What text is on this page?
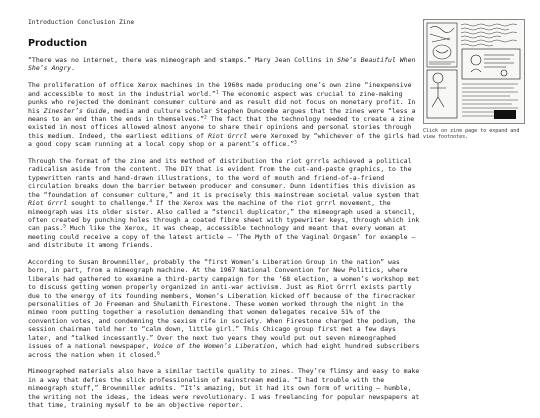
Introduction Conclusion Zine
Production

“There was no internet, there was mimeograph and stamps.” Mary Jean Collins in She’s Beautiful When She’s Angry.

The proliferation of office Xerox machines in the 1960s made producing one’s own zine “inexpensive and accessible to most in the industrial world.”$^1$ The economic aspect was crucial to zine-making punks who rejected the dominant consumer culture and as result did not focus on monetary profit. In his Zinester’s Guide, media and culture scholar Stephen Duncombe argues that the zines were “less a means to an end than the ends in themselves.”$^2$ The fact that the technology needed to create a zine existed in most offices allowed almost anyone to share their opinions and personal stories through this medium. Indeed, the earliest editions of Riot Grrrl were Xeroxed by “whichever of the girls had a good copy scam running at a local copy shop or a parent’s office.”$^3$

Through the format of the zine and its method of distribution the riot grrrls achieved a political radicalism aside from the content. The DIY that is evident from the cut-and-paste graphics, to the typewritten rants and hand-drawn illustrations, to the word of mouth and friend-of-a-friend circulation breaks down the barrier between producer and consumer. Dunn identifies this division as the “foundation of consumer culture,” and it is precisely this mainstream societal value system that Riot Grrrl sought to challenge.$^4$ If the Xerox was the machine of the riot grrrl movement, the mimeograph was its older sister. Also called a “stencil duplicator,” the mimeograph used a stencil, often created by punching holes through a coated fibre sheet with typewriter keys, through which ink can pass.$^5$ Much like the Xerox, it was cheap, accessible technology and meant that every woman at meeting could receive a copy of the latest article – ‘The Myth of the Vaginal Orgasm’ for example – and distribute it among friends.

According to Susan Brownmiller, probably the “first Women’s Liberation Group in the nation” was born, in part, from a mimeograph machine. At the 1967 National Convention for New Politics, where liberals had gathered to examine a third-party campaign for the ‘68 election, a women’s workshop met to discuss getting women properly organized in anti-war activism. Just as Riot Grrrl exists partly due to the energy of its founding members, Women’s Liberation kicked off because of the firecracker personalities of Jo Freeman and Shulamith Firestone. These women worked through the night in the mimeo room putting together a resolution demanding that women delegates receive 51% of the convention votes, and condemning the sexism rife in society. When Firestone charged the podium, the session chairman told her to “calm down, little girl.” This Chicago group first met a few days later, and “talked incessantly.” Over the next two years they would put out seven mimeographed issues of a national newspaper, Voice of the Women’s Liberation, which had eight hundred subscribers across the nation when it closed.$^6$

Mimeographed materials also have a similar tactile quality to zines. They’re flimsy and easy to make in a way that defies the slick professionalism of mainstream media. “I had trouble with the mimeograph stuff,” Brownmiller admits. “It’s amazing, but it had its own form of writing – humble, the writing not the ideas, the ideas were revolutionary. I was freelancing for popular newspapers at that time, training myself to be an objective reporter.

Click on zine page to expand and view footnotes.
